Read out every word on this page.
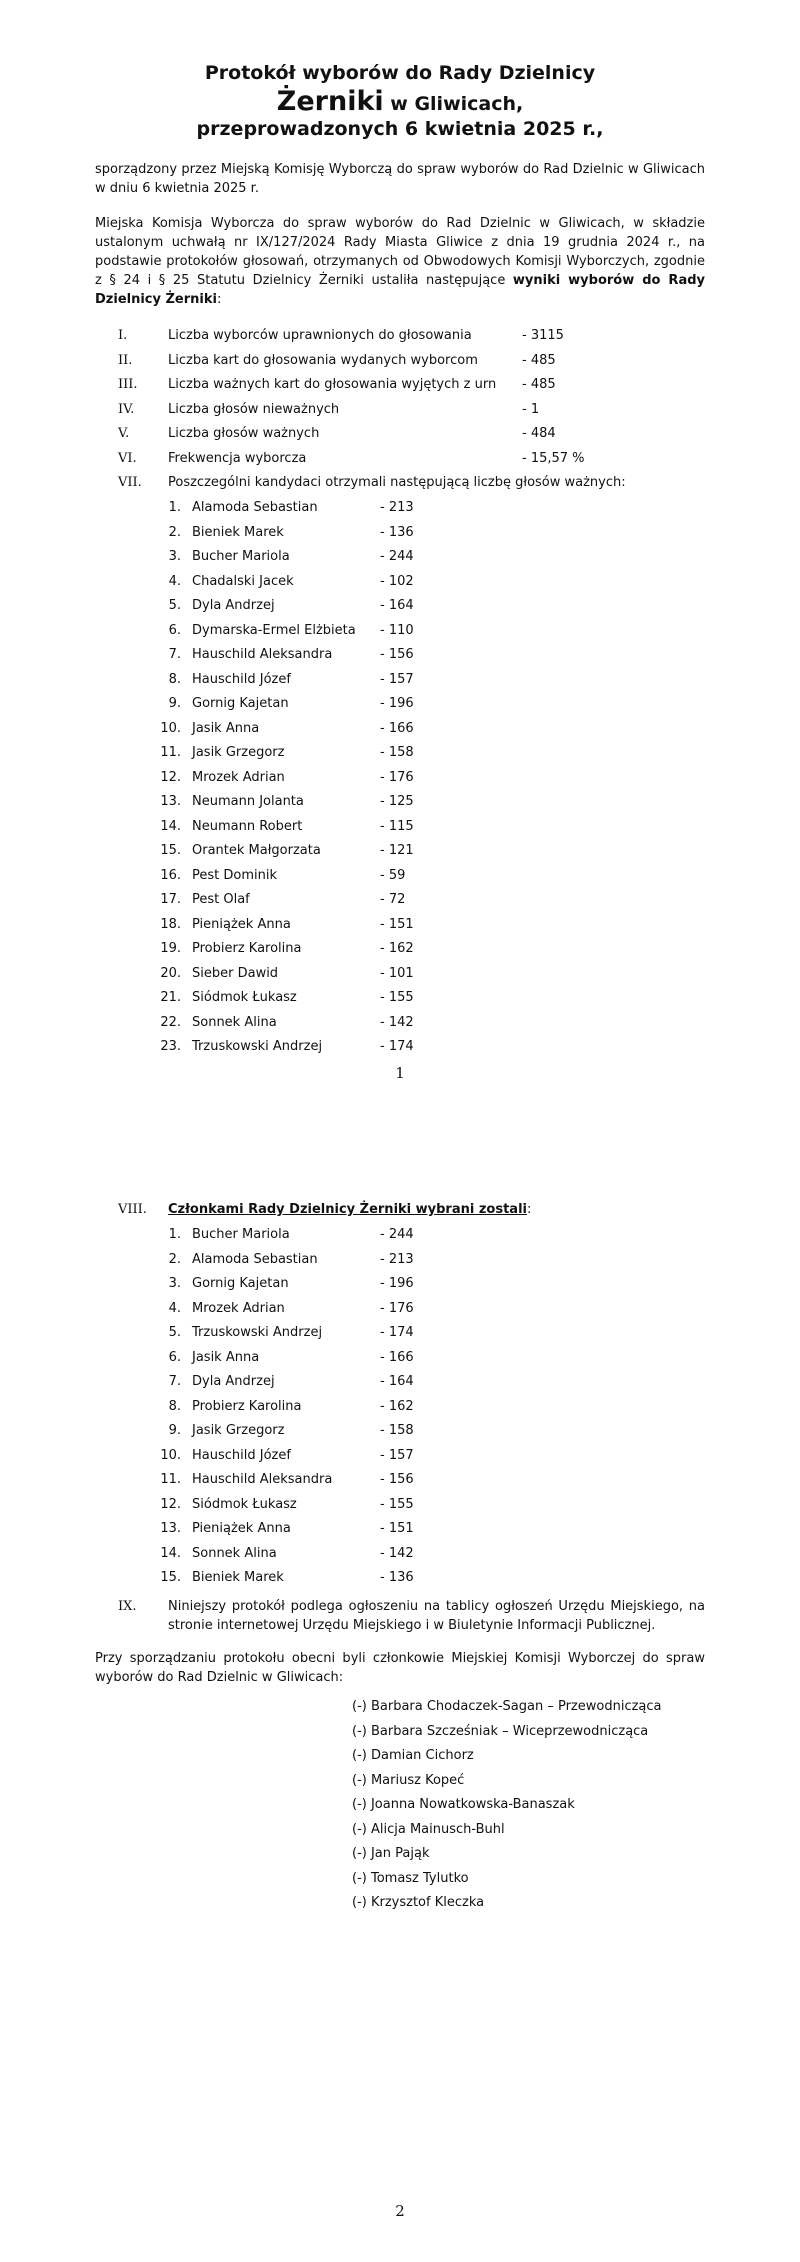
Protokół wyborów do Rady Dzielnicy
Żerniki w Gliwicach,
przeprowadzonych 6 kwietnia 2025 r.,
sporządzony przez Miejską Komisję Wyborczą do spraw wyborów do Rad Dzielnic w Gliwicach w dniu 6 kwietnia 2025 r.
Miejska Komisja Wyborcza do spraw wyborów do Rad Dzielnic w Gliwicach, w składzie ustalonym uchwałą nr IX/127/2024 Rady Miasta Gliwice z dnia 19 grudnia 2024 r., na podstawie protokołów głosowań, otrzymanych od Obwodowych Komisji Wyborczych, zgodnie z § 24 i § 25 Statutu Dzielnicy Żerniki ustaliła następujące wyniki wyborów do Rady Dzielnicy Żerniki:
I.	Liczba wyborców uprawnionych do głosowania	- 3115
II.	Liczba kart do głosowania wydanych wyborcom	- 485
III. Liczba ważnych kart do głosowania wyjętych z urn - 485
IV.	Liczba głosów nieważnych	- 1
V.	Liczba głosów ważnych	- 484
VI. Frekwencja wyborcza	- 15,57 %
VII. Poszczególni kandydaci otrzymali następującą liczbę głosów ważnych:
1. Alamoda Sebastian	- 213
2. Bieniek Marek	- 136
3. Bucher Mariola	- 244
4. Chadalski Jacek	- 102
5. Dyla Andrzej	- 164
6. Dymarska-Ermel Elżbieta - 110
7. Hauschild Aleksandra	- 156
8. Hauschild Józef	- 157
9. Gornig Kajetan	- 196
10. Jasik Anna	- 166
11. Jasik Grzegorz	- 158
12. Mrozek Adrian	- 176
13. Neumann Jolanta	- 125
14. Neumann Robert	- 115
15. Orantek Małgorzata	- 121
16. Pest Dominik	- 59
17. Pest Olaf	- 72
18. Pieniążek Anna	- 151
19. Probierz Karolina	- 162
20. Sieber Dawid	- 101
21. Siódmok Łukasz	- 155
22. Sonnek Alina	- 142
23. Trzuskowski Andrzej	- 174
1
VIII. Członkami Rady Dzielnicy Żerniki wybrani zostali:
1. Bucher Mariola	- 244
2. Alamoda Sebastian	- 213
3. Gornig Kajetan	- 196
4. Mrozek Adrian	- 176
5. Trzuskowski Andrzej	- 174
6. Jasik Anna	- 166
7. Dyla Andrzej	- 164
8. Probierz Karolina	- 162
9. Jasik Grzegorz	- 158
10. Hauschild Józef	- 157
11. Hauschild Aleksandra	- 156
12. Siódmok Łukasz	- 155
13. Pieniążek Anna	- 151
14. Sonnek Alina	- 142
15. Bieniek Marek	- 136
IX. Niniejszy protokół podlega ogłoszeniu na tablicy ogłoszeń Urzędu Miejskiego, na stronie internetowej Urzędu Miejskiego i w Biuletynie Informacji Publicznej.
Przy sporządzaniu protokołu obecni byli członkowie Miejskiej Komisji Wyborczej do spraw wyborów do Rad Dzielnic w Gliwicach:
(-) Barbara Chodaczek-Sagan – Przewodnicząca
(-) Barbara Szcześniak – Wiceprzewodnicząca
(-) Damian Cichorz
(-) Mariusz Kopeć
(-) Joanna Nowatkowska-Banaszak
(-) Alicja Mainusch-Buhl
(-) Jan Pająk
(-) Tomasz Tylutko
(-) Krzysztof Kleczka
2
